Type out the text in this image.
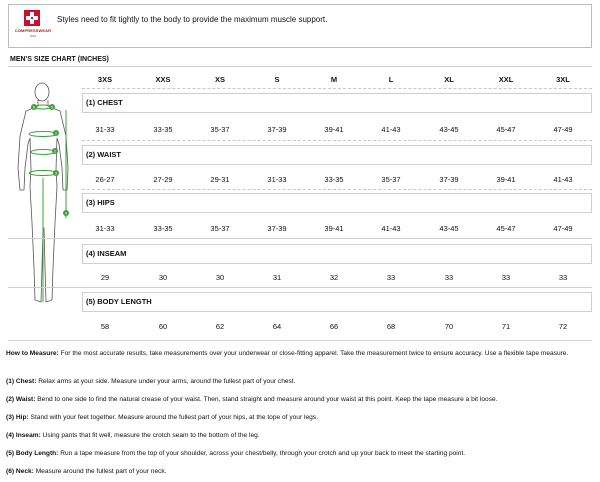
COMPRESSWEAR
USA
Styles need to fit tightly to the body to provide the maximum muscle support.
MEN'S SIZE CHART (INCHES)
6	5
1
2
3
4
3XS	XXS	XS	S	M	L	XL	XXL	3XL
(1) CHEST
31-33	33-35	35-37	37-39	39-41	41-43	43-45	45-47	47-49
(2) WAIST
26-27	27-29	29-31	31-33	33-35	35-37	37-39	39-41	41-43
(3) HIPS
31-33	33-35	35-37	37-39	39-41	41-43	43-45	45-47	47-49
(4) INSEAM
29	30	30	31	32	33	33	33	33
(5) BODY LENGTH
58	60	62	64	66	68	70	71	72
How to Measure: For the most accurate results, take measurements over your underwear or close-fitting apparel. Take the measurement twice to ensure accuracy. Use a flexible tape measure.
(1) Chest: Relax arms at your side. Measure under your arms, around the fullest part of your chest.
(2) Waist: Bend to one side to find the natural crease of your waist. Then, stand straight and measure around your waist at this point. Keep the tape measure a bit loose.
(3) Hip: Stand with your feet together. Measure around the fullest part of your hips, at the tope of your legs.
(4) Inseam: Using pants that fit well, measure the crotch seam to the bottom of the leg.
(5) Body Length: Run a tape measure from the top of your shoulder, across your chest/belly, through your crotch and up your back to meet the starting point.
(6) Neck: Measure around the fullest part of your neck.
